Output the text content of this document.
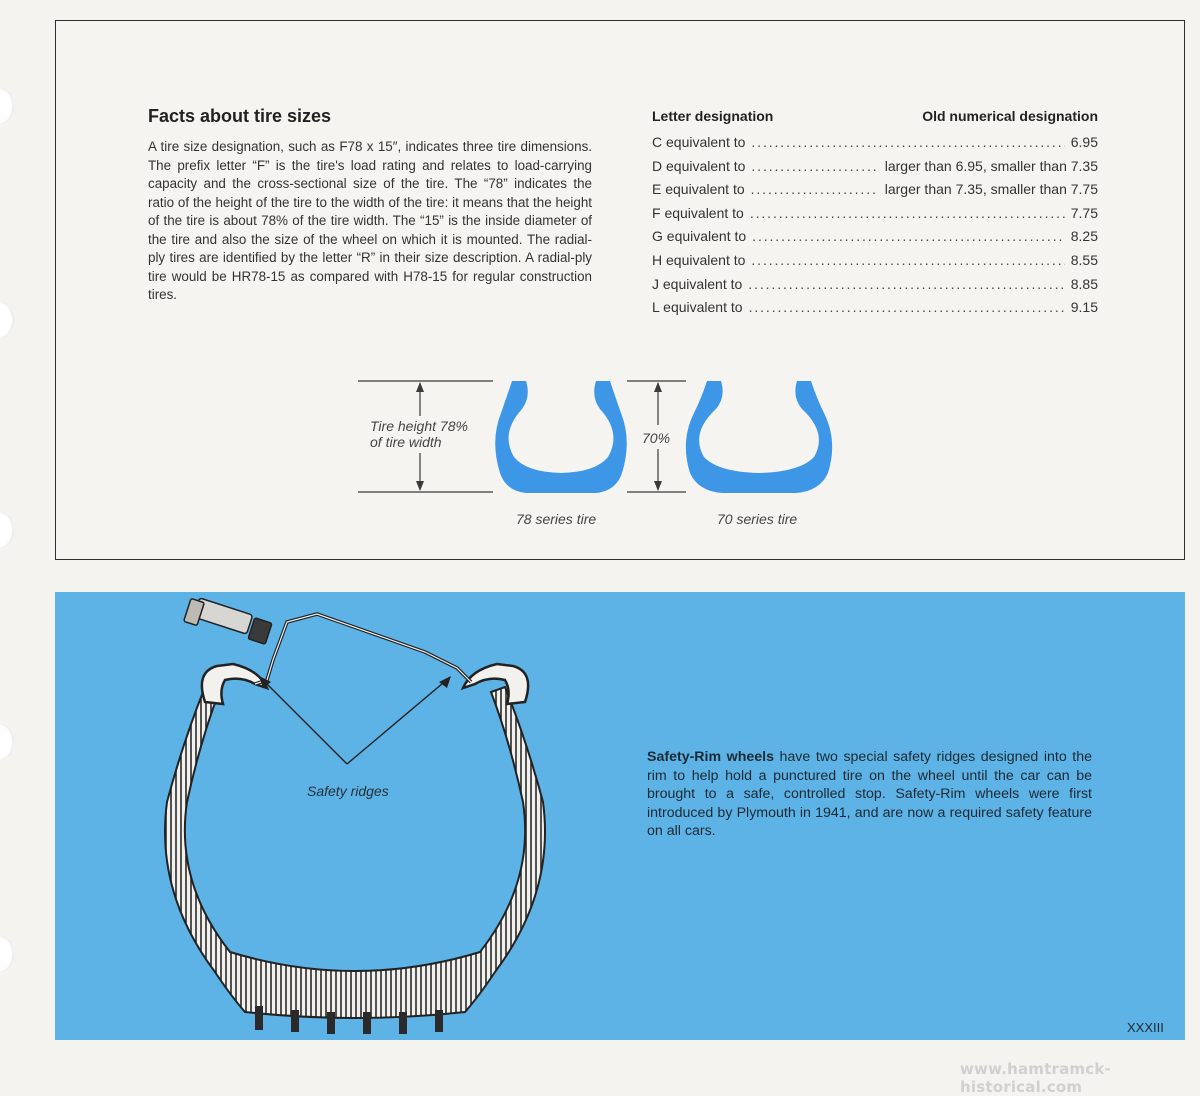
Facts about tire sizes

A tire size designation, such as F78 x 15″, indicates three tire dimensions. The prefix letter “F” is the tire's load rating and relates to load-carrying capacity and the cross-sectional size of the tire. The “78” indicates the ratio of the height of the tire to the width of the tire: it means that the height of the tire is about 78% of the tire width. The “15” is the inside diameter of the tire and also the size of the wheel on which it is mounted. The radial-ply tires are identified by the letter “R” in their size description. A radial-ply tire would be HR78-15 as compared with H78-15 for regular construction tires.

Letter designation	Old numerical designation
C equivalent to . . .	6.95
D equivalent to . . .	larger than 6.95, smaller than 7.35
E equivalent to . . .	larger than 7.35, smaller than 7.75
F equivalent to . . .	7.75
G equivalent to . . .	8.25
H equivalent to . . .	8.55
J equivalent to . . .	8.85
L equivalent to . . .	9.15
Tire height 78%
of tire width	70%
78 series tire	70 series tire
Safety ridges

Safety-Rim wheels have two special safety ridges designed into the rim to help hold a punctured tire on the wheel until the car can be brought to a safe, controlled stop. Safety-Rim wheels were first introduced by Plymouth in 1941, and are now a required safety feature on all cars.

XXXIII
www.hamtramck-historical.com
